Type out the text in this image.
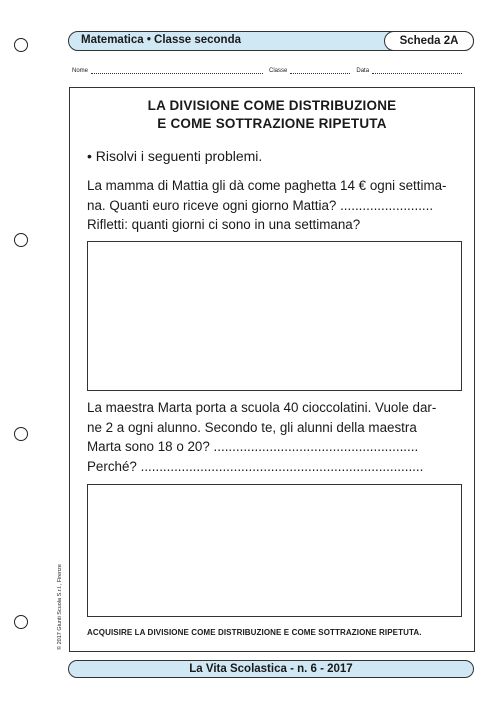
Matematica • Classe seconda	Scheda 2A
Nome	Classe	Data
LA DIVISIONE COME DISTRIBUZIONE
E COME SOTTRAZIONE RIPETUTA
• Risolvi i seguenti problemi.
La mamma di Mattia gli dà come paghetta 14 € ogni settima-
na. Quanti euro riceve ogni giorno Mattia? .........................
Rifletti: quanti giorni ci sono in una settimana?
La maestra Marta porta a scuola 40 cioccolatini. Vuole dar-
ne 2 a ogni alunno. Secondo te, gli alunni della maestra
Marta sono 18 o 20? .......................................................
Perché? ............................................................................
ACQUISIRE LA DIVISIONE COME DISTRIBUZIONE E COME SOTTRAZIONE RIPETUTA.
© 2017 Giunti Scuola S.r.l., Firenze
La Vita Scolastica - n. 6 - 2017
